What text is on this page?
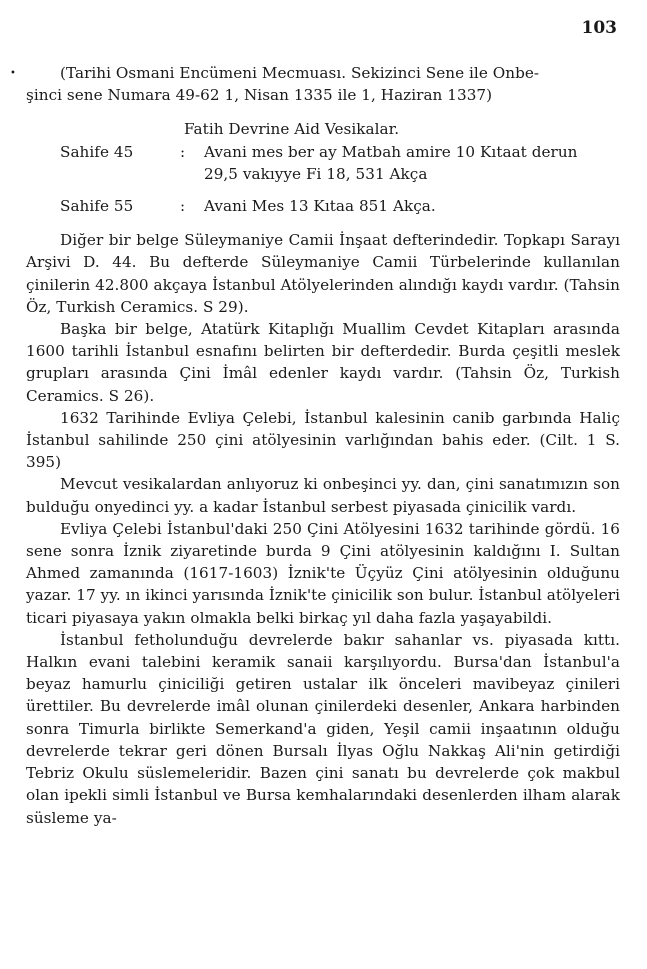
103
•	(Tarihi Osmani Encümeni Mecmuası. Sekizinci Sene ile Onbe-
şinci sene Numara 49-62 1, Nisan 1335 ile 1, Haziran 1337)
Fatih Devrine Aid Vesikalar.
Sahife 45	:	Avani mes ber ay Matbah amire 10 Kıtaat derun
29,5 vakıyye Fi 18, 531 Akça
Sahife 55	:	Avani Mes 13 Kıtaa 851 Akça.

Diğer bir belge Süleymaniye Camii İnşaat defterindedir. Topkapı Sarayı Arşivi D. 44. Bu defterde Süleymaniye Camii Türbelerinde kullanılan çinilerin 42.800 akçaya İstanbul Atölyelerinden alındığı kaydı vardır. (Tahsin Öz, Turkish Ceramics. S 29).

Başka bir belge, Atatürk Kitaplığı Muallim Cevdet Kitapları arasında 1600 tarihli İstanbul esnafını belirten bir defterdedir. Burda çeşitli meslek grupları arasında Çini İmâl edenler kaydı vardır. (Tahsin Öz, Turkish Ceramics. S 26).

1632 Tarihinde Evliya Çelebi, İstanbul kalesinin canib garbında Haliç İstanbul sahilinde 250 çini atölyesinin varlığından bahis eder. (Cilt. 1 S. 395)

Mevcut vesikalardan anlıyoruz ki onbeşinci yy. dan, çini sanatımızın son bulduğu onyedinci yy. a kadar İstanbul serbest piyasada çinicilik vardı.

Evliya Çelebi İstanbul'daki 250 Çini Atölyesini 1632 tarihinde gördü. 16 sene sonra İznik ziyaretinde burda 9 Çini atölyesinin kaldığını I. Sultan Ahmed zamanında (1617-1603) İznik'te Üçyüz Çini atölyesinin olduğunu yazar. 17 yy. ın ikinci yarısında İznik'te çinicilik son bulur. İstanbul atölyeleri ticari piyasaya yakın olmakla belki birkaç yıl daha fazla yaşayabildi.

İstanbul fetholunduğu devrelerde bakır sahanlar vs. piyasada kıttı. Halkın evani talebini keramik sanaii karşılıyordu. Bursa'dan İstanbul'a beyaz hamurlu çiniciliği getiren ustalar ilk önceleri mavibeyaz çinileri ürettiler. Bu devrelerde imâl olunan çinilerdeki desenler, Ankara harbinden sonra Timurla birlikte Semerkand'a giden, Yeşil camii inşaatının olduğu devrelerde tekrar geri dönen Bursalı İlyas Oğlu Nakkaş Ali'nin getirdiği Tebriz Okulu süslemeleridir. Bazen çini sanatı bu devrelerde çok makbul olan ipekli simli İstanbul ve Bursa kemhalarındaki desenlerden ilham alarak süsleme ya-
